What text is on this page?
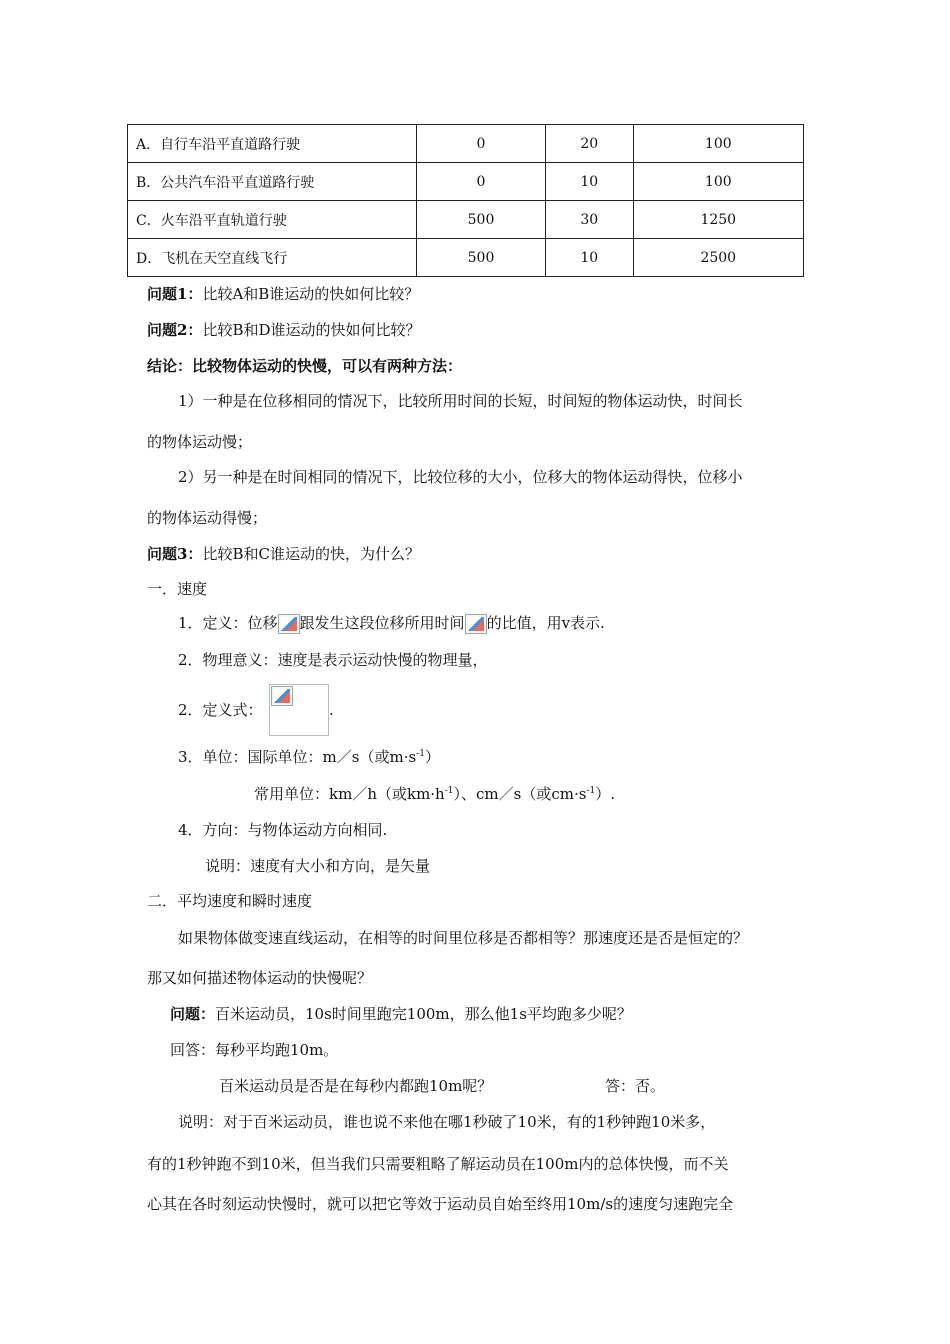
A．自行车沿平直道路行驶	0	20	100
B．公共汽车沿平直道路行驶	0	10	100
C．火车沿平直轨道行驶	500	30	1250
D．飞机在天空直线飞行	500	10	2500
问题1：比较A和B谁运动的快如何比较？
问题2：比较B和D谁运动的快如何比较？
结论：比较物体运动的快慢，可以有两种方法：
1）一种是在位移相同的情况下，比较所用时间的长短，时间短的物体运动快，时间长
的物体运动慢；
2）另一种是在时间相同的情况下，比较位移的大小，位移大的物体运动得快，位移小
的物体运动得慢；
问题3：比较B和C谁运动的快，为什么？
一．速度
1．定义：位移 跟发生这段位移所用时间 的比值，用v表示.
2．物理意义：速度是表示运动快慢的物理量，
2．定义式：	.
3．单位：国际单位：m／s（或$m\cdot s^{-1}$）
常用单位：km／h（或$km\cdot h^{-1}$）、cm／s（或$cm\cdot s^{-1}$）.
4．方向：与物体运动方向相同.
说明：速度有大小和方向，是矢量
二．平均速度和瞬时速度
如果物体做变速直线运动，在相等的时间里位移是否都相等？那速度还是否是恒定的？
那又如何描述物体运动的快慢呢？
问题：百米运动员，10s时间里跑完100m，那么他1s平均跑多少呢？
回答：每秒平均跑10m。
百米运动员是否是在每秒内都跑10m呢？	答：否。
说明：对于百米运动员，谁也说不来他在哪1秒破了10米，有的1秒钟跑10米多，
有的1秒钟跑不到10米，但当我们只需要粗略了解运动员在100m内的总体快慢，而不关
心其在各时刻运动快慢时，就可以把它等效于运动员自始至终用10m/s的速度匀速跑完全
